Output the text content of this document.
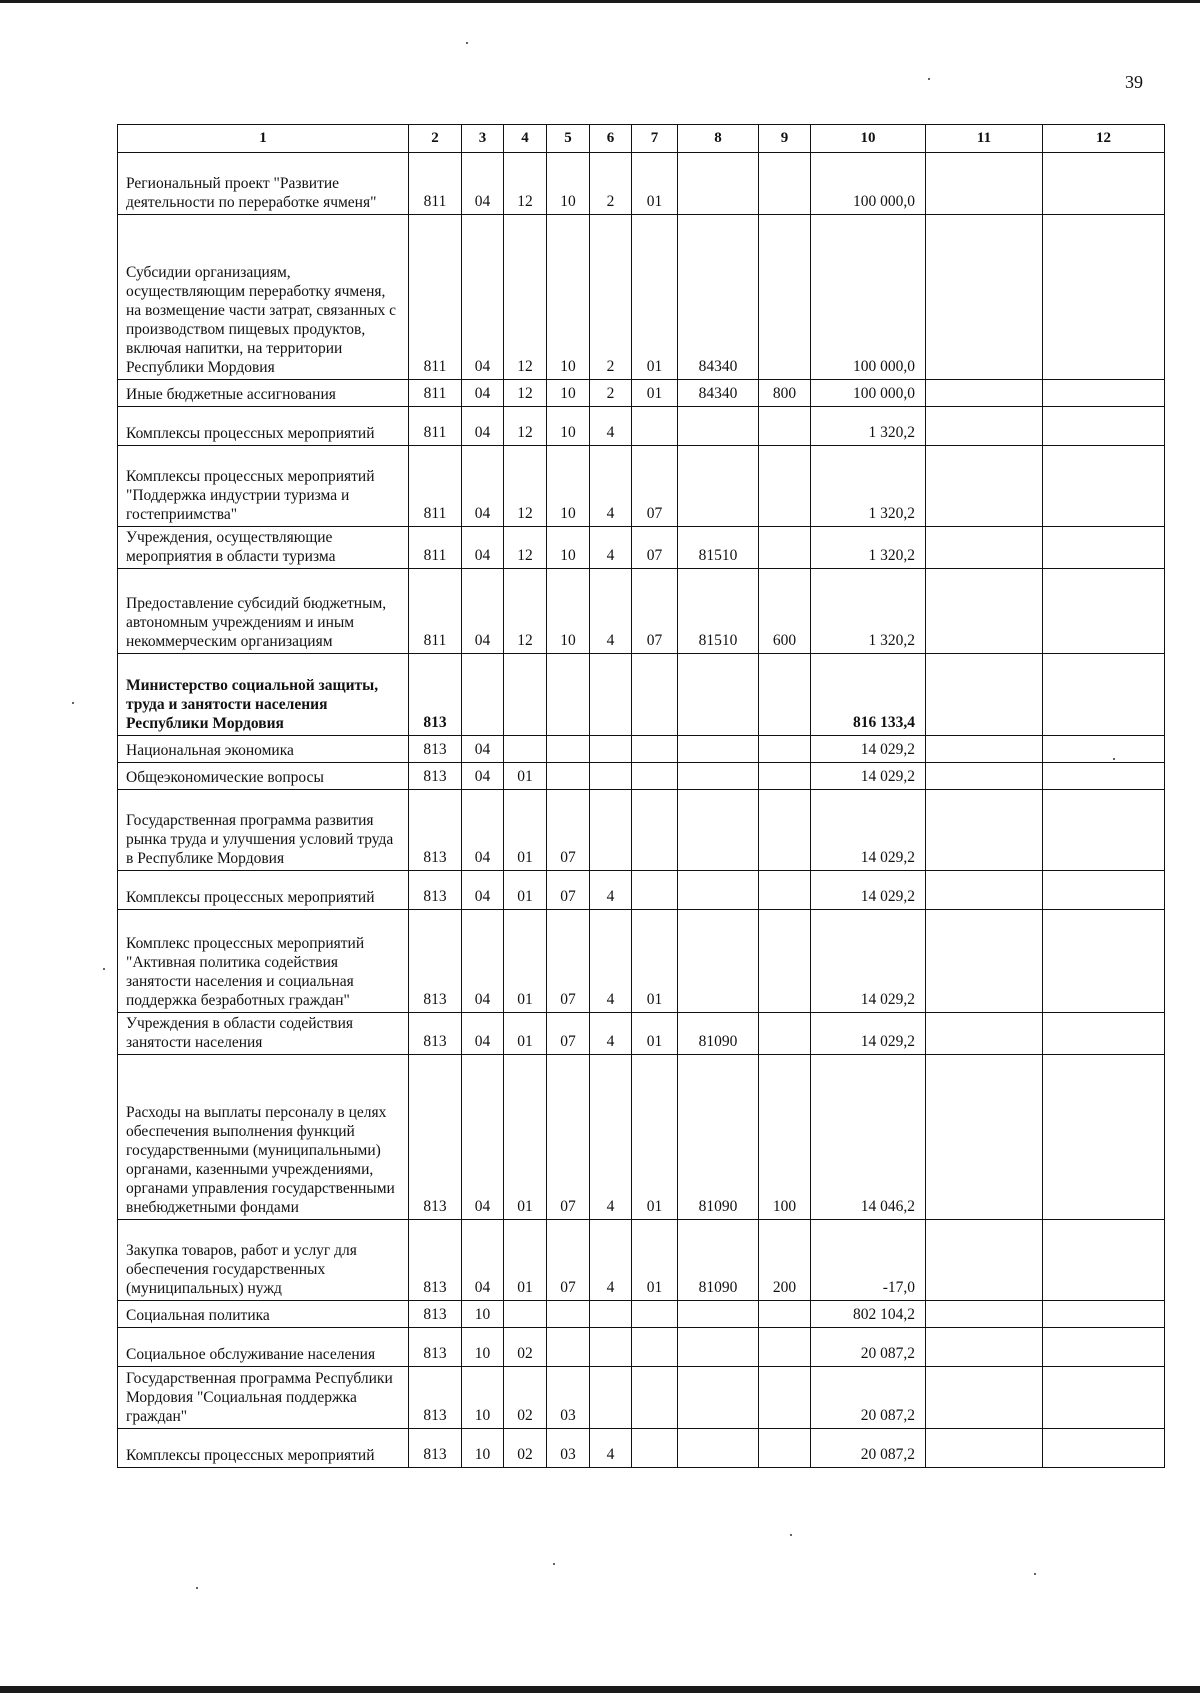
39
1	2	3	4	5	6	7	8	9	10	11	12
Региональный проект "Развитие деятельности по переработке ячменя"	811	04	12	10	2	01			100 000,0		
Субсидии организациям, осуществляющим переработку ячменя, на возмещение части затрат, связанных с производством пищевых продуктов, включая напитки, на территории Республики Мордовия	811	04	12	10	2	01	84340		100 000,0		
Иные бюджетные ассигнования	811	04	12	10	2	01	84340	800	100 000,0		
Комплексы процессных мероприятий	811	04	12	10	4				1 320,2		
Комплексы процессных мероприятий "Поддержка индустрии туризма и гостеприимства"	811	04	12	10	4	07			1 320,2		
Учреждения, осуществляющие мероприятия в области туризма	811	04	12	10	4	07	81510		1 320,2		
Предоставление субсидий бюджетным, автономным учреждениям и иным некоммерческим организациям	811	04	12	10	4	07	81510	600	1 320,2		
Министерство социальной защиты, труда и занятости населения Республики Мордовия	813								816 133,4		
Национальная экономика	813	04							14 029,2		
Общеэкономические вопросы	813	04	01						14 029,2		
Государственная программа развития рынка труда и улучшения условий труда в Республике Мордовия	813	04	01	07					14 029,2		
Комплексы процессных мероприятий	813	04	01	07	4				14 029,2		
Комплекс процессных мероприятий "Активная политика содействия занятости населения и социальная поддержка безработных граждан"	813	04	01	07	4	01			14 029,2		
Учреждения в области содействия занятости населения	813	04	01	07	4	01	81090		14 029,2		
Расходы на выплаты персоналу в целях обеспечения выполнения функций государственными (муниципальными) органами, казенными учреждениями, органами управления государственными внебюджетными фондами	813	04	01	07	4	01	81090	100	14 046,2		
Закупка товаров, работ и услуг для обеспечения государственных (муниципальных) нужд	813	04	01	07	4	01	81090	200	-17,0		
Социальная политика	813	10							802 104,2		
Социальное обслуживание населения	813	10	02						20 087,2		
Государственная программа Республики Мордовия "Социальная поддержка граждан"	813	10	02	03					20 087,2		
Комплексы процессных мероприятий	813	10	02	03	4				20 087,2		
